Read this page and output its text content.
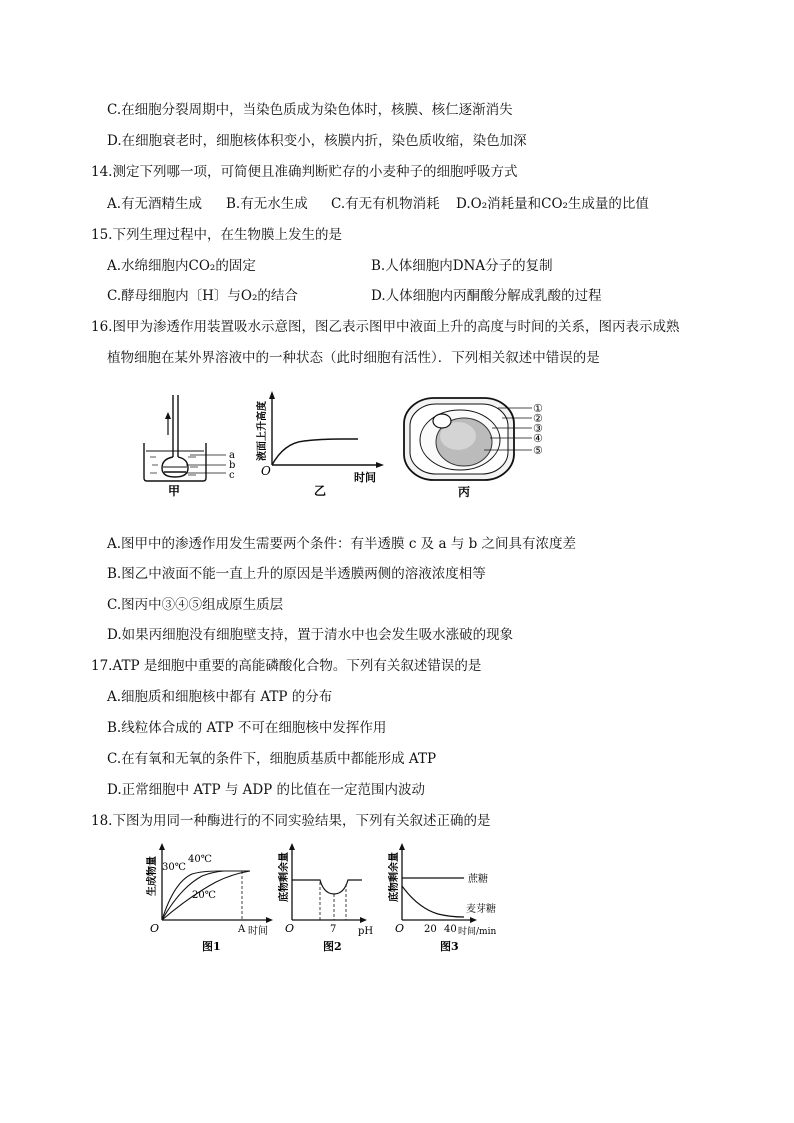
C.在细胞分裂周期中，当染色质成为染色体时，核膜、核仁逐渐消失
D.在细胞衰老时，细胞核体积变小，核膜内折，染色质收缩，染色加深
14.测定下列哪一项，可简便且准确判断贮存的小麦种子的细胞呼吸方式
A.有无酒精生成 B.有无水生成 C.有无有机物消耗 D.O₂消耗量和CO₂生成量的比值
15.下列生理过程中，在生物膜上发生的是
A.水绵细胞内CO₂的固定	B.人体细胞内DNA分子的复制
C.酵母细胞内〔H〕与O₂的结合	D.人体细胞内丙酮酸分解成乳酸的过程
16.图甲为渗透作用装置吸水示意图，图乙表示图甲中液面上升的高度与时间的关系，图丙表示成熟
植物细胞在某外界溶液中的一种状态（此时细胞有活性）．下列相关叙述中错误的是
a
b
c
甲
O	时间
液面上升高度
乙
①
②
③
④
⑤
丙
A.图甲中的渗透作用发生需要两个条件：有半透膜 c 及 a 与 b 之间具有浓度差
B.图乙中液面不能一直上升的原因是半透膜两侧的溶液浓度相等
C.图丙中③④⑤组成原生质层
D.如果丙细胞没有细胞壁支持，置于清水中也会发生吸水涨破的现象
17.ATP 是细胞中重要的高能磷酸化合物。下列有关叙述错误的是
A.细胞质和细胞核中都有 ATP 的分布
B.线粒体合成的 ATP 不可在细胞核中发挥作用
C.在有氧和无氧的条件下，细胞质基质中都能形成 ATP
D.正常细胞中 ATP 与 ADP 的比值在一定范围内波动
18.下图为用同一种酶进行的不同实验结果，下列有关叙述正确的是
30℃
40℃
20℃
O	A 时间
生成物量
图1
O	7 pH
底物剩余量
图2
蔗糖
麦芽糖
O 20 40 时间/min
底物剩余量
图3
